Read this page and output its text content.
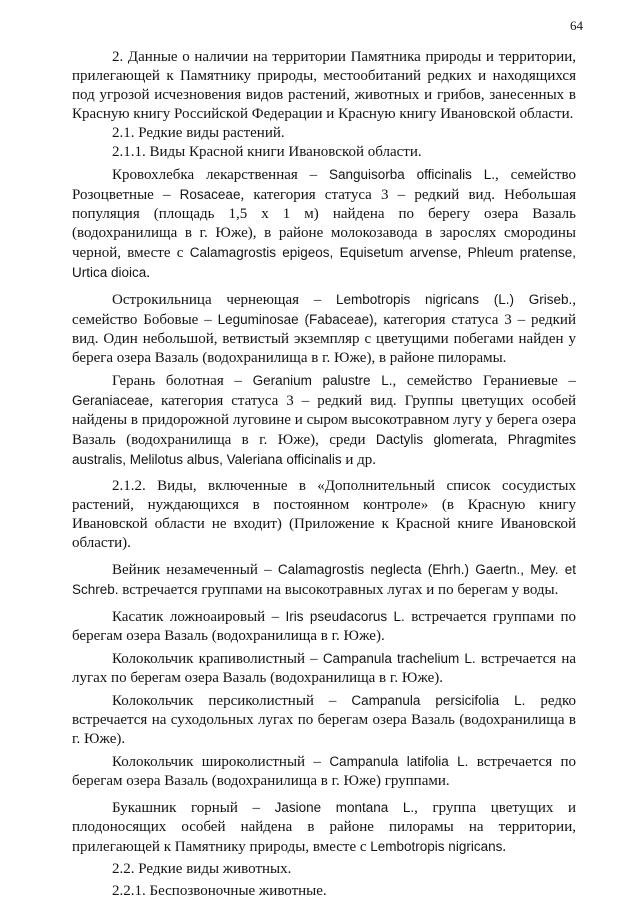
64

2. Данные о наличии на территории Памятника природы и территории, прилегающей к Памятнику природы, местообитаний редких и находящихся под угрозой исчезновения видов растений, животных и грибов, занесенных в Красную книгу Российской Федерации и Красную книгу Ивановской области.

2.1. Редкие виды растений.

2.1.1. Виды Красной книги Ивановской области.

Кровохлебка лекарственная – Sanguisorba officinalis L., семейство Розоцветные – Rosaceae, категория статуса 3 – редкий вид. Небольшая популяция (площадь 1,5 х 1 м) найдена по берегу озера Вазаль (водохранилища в г. Юже), в районе молокозавода в зарослях смородины черной, вместе с Calamagrostis epigeos, Equisetum arvense, Phleum pratense, Urtica dioica.

Острокильница чернеющая – Lembotropis nigricans (L.) Griseb., семейство Бобовые – Leguminosae (Fabaceae), категория статуса 3 – редкий вид. Один небольшой, ветвистый экземпляр с цветущими побегами найден у берега озера Вазаль (водохранилища в г. Юже), в районе пилорамы.

Герань болотная – Geranium palustre L., семейство Гераниевые – Geraniaceae, категория статуса 3 – редкий вид. Группы цветущих особей найдены в придорожной луговине и сыром высокотравном лугу у берега озера Вазаль (водохранилища в г. Юже), среди Dactylis glomerata, Phragmites australis, Melilotus albus, Valeriana officinalis и др.

2.1.2. Виды, включенные в «Дополнительный список сосудистых растений, нуждающихся в постоянном контроле» (в Красную книгу Ивановской области не входит) (Приложение к Красной книге Ивановской области).

Вейник незамеченный – Calamagrostis neglecta (Ehrh.) Gaertn., Mey. et Schreb. встречается группами на высокотравных лугах и по берегам у воды.

Касатик ложноаировый – Iris pseudacorus L. встречается группами по берегам озера Вазаль (водохранилища в г. Юже).

Колокольчик крапиволистный – Campanula trachelium L. встречается на лугах по берегам озера Вазаль (водохранилища в г. Юже).

Колокольчик персиколистный – Campanula persicifolia L. редко встречается на суходольных лугах по берегам озера Вазаль (водохранилища в г. Юже).

Колокольчик широколистный – Campanula latifolia L. встречается по берегам озера Вазаль (водохранилища в г. Юже) группами.

Букашник горный – Jasione montana L., группа цветущих и плодоносящих особей найдена в районе пилорамы на территории, прилегающей к Памятнику природы, вместе с Lembotropis nigricans.

2.2. Редкие виды животных.

2.2.1. Беспозвоночные животные.
